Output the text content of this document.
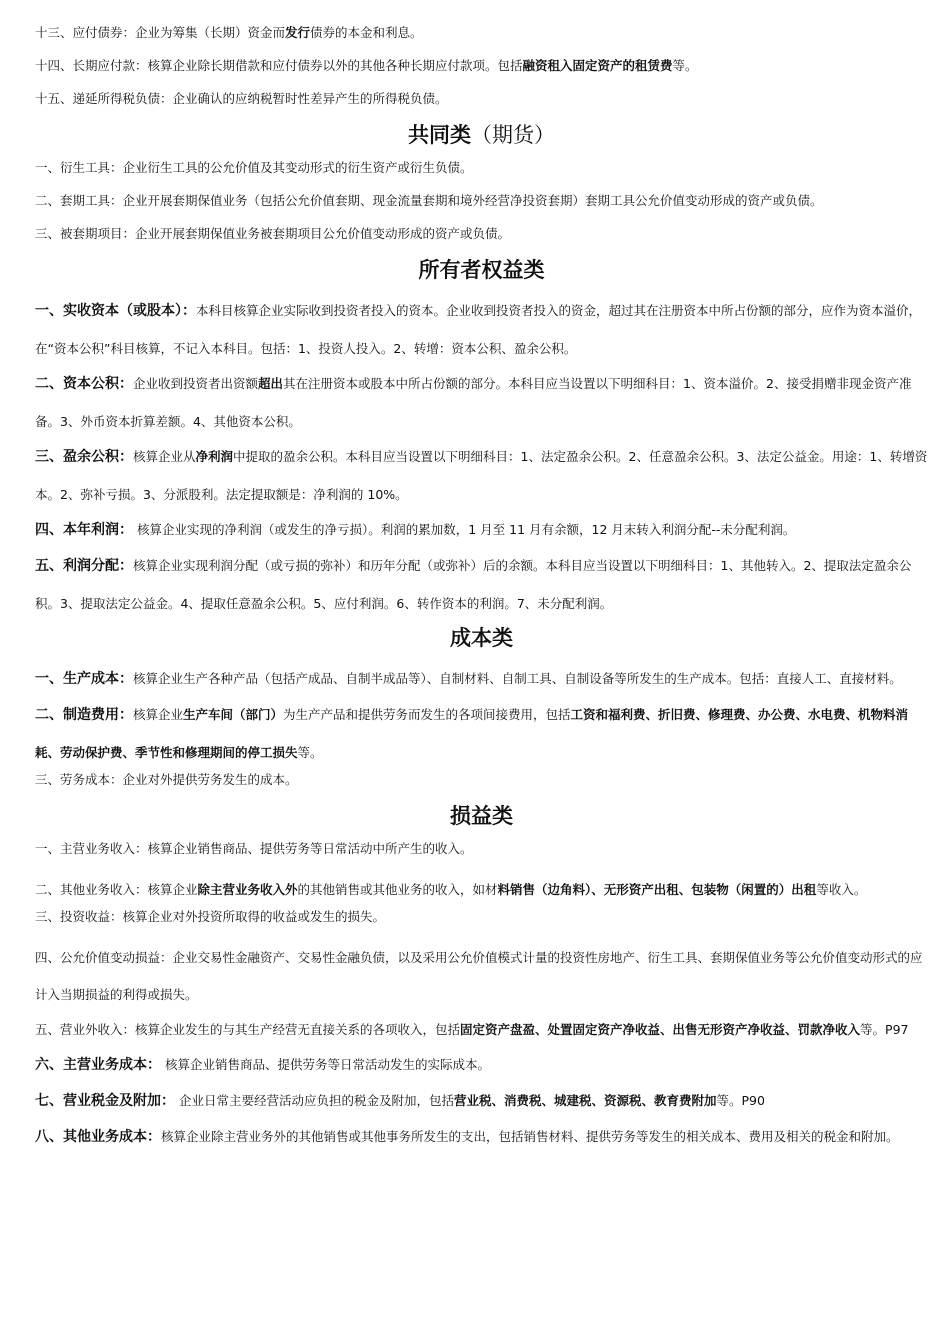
十三、应付债券：企业为筹集（长期）资金而发行债券的本金和利息。

十四、长期应付款：核算企业除长期借款和应付债券以外的其他各种长期应付款项。包括融资租入固定资产的租赁费等。

十五、递延所得税负债：企业确认的应纳税暂时性差异产生的所得税负债。

共同类（期货）

一、衍生工具：企业衍生工具的公允价值及其变动形式的衍生资产或衍生负债。

二、套期工具：企业开展套期保值业务（包括公允价值套期、现金流量套期和境外经营净投资套期）套期工具公允价值变动形成的资产或负债。

三、被套期项目：企业开展套期保值业务被套期项目公允价值变动形成的资产或负债。

所有者权益类

一、实收资本（或股本）：本科目核算企业实际收到投资者投入的资本。企业收到投资者投入的资金，超过其在注册资本中所占份额的部分，应作为资本溢价，在“资本公积”科目核算，不记入本科目。包括：1、投资人投入。2、转增：资本公积、盈余公积。

二、资本公积：企业收到投资者出资额超出其在注册资本或股本中所占份额的部分。本科目应当设置以下明细科目：1、资本溢价。2、接受捐赠非现金资产准备。3、外币资本折算差额。4、其他资本公积。

三、盈余公积：核算企业从净利润中提取的盈余公积。本科目应当设置以下明细科目：1、法定盈余公积。2、任意盈余公积。3、法定公益金。用途：1、转增资本。2、弥补亏损。3、分派股利。法定提取额是：净利润的 10%。

四、本年利润： 核算企业实现的净利润（或发生的净亏损）。利润的累加数，1 月至 11 月有余额，12 月末转入利润分配--未分配利润。

五、利润分配：核算企业实现利润分配（或亏损的弥补）和历年分配（或弥补）后的余额。本科目应当设置以下明细科目：1、其他转入。2、提取法定盈余公积。3、提取法定公益金。4、提取任意盈余公积。5、应付利润。6、转作资本的利润。7、未分配利润。

成本类

一、生产成本：核算企业生产各种产品（包括产成品、自制半成品等）、自制材料、自制工具、自制设备等所发生的生产成本。包括：直接人工、直接材料。

二、制造费用：核算企业生产车间（部门）为生产产品和提供劳务而发生的各项间接费用，包括工资和福利费、折旧费、修理费、办公费、水电费、机物料消耗、劳动保护费、季节性和修理期间的停工损失等。

三、劳务成本：企业对外提供劳务发生的成本。

损益类

一、主营业务收入：核算企业销售商品、提供劳务等日常活动中所产生的收入。

二、其他业务收入：核算企业除主营业务收入外的其他销售或其他业务的收入，如材料销售（边角料）、无形资产出租、包装物（闲置的）出租等收入。

三、投资收益：核算企业对外投资所取得的收益或发生的损失。

四、公允价值变动损益：企业交易性金融资产、交易性金融负债，以及采用公允价值模式计量的投资性房地产、衍生工具、套期保值业务等公允价值变动形式的应计入当期损益的利得或损失。

五、营业外收入：核算企业发生的与其生产经营无直接关系的各项收入，包括固定资产盘盈、处置固定资产净收益、出售无形资产净收益、罚款净收入等。P97

六、主营业务成本： 核算企业销售商品、提供劳务等日常活动发生的实际成本。

七、营业税金及附加： 企业日常主要经营活动应负担的税金及附加，包括营业税、消费税、城建税、资源税、教育费附加等。P90

八、其他业务成本：核算企业除主营业务外的其他销售或其他事务所发生的支出，包括销售材料、提供劳务等发生的相关成本、费用及相关的税金和附加。
